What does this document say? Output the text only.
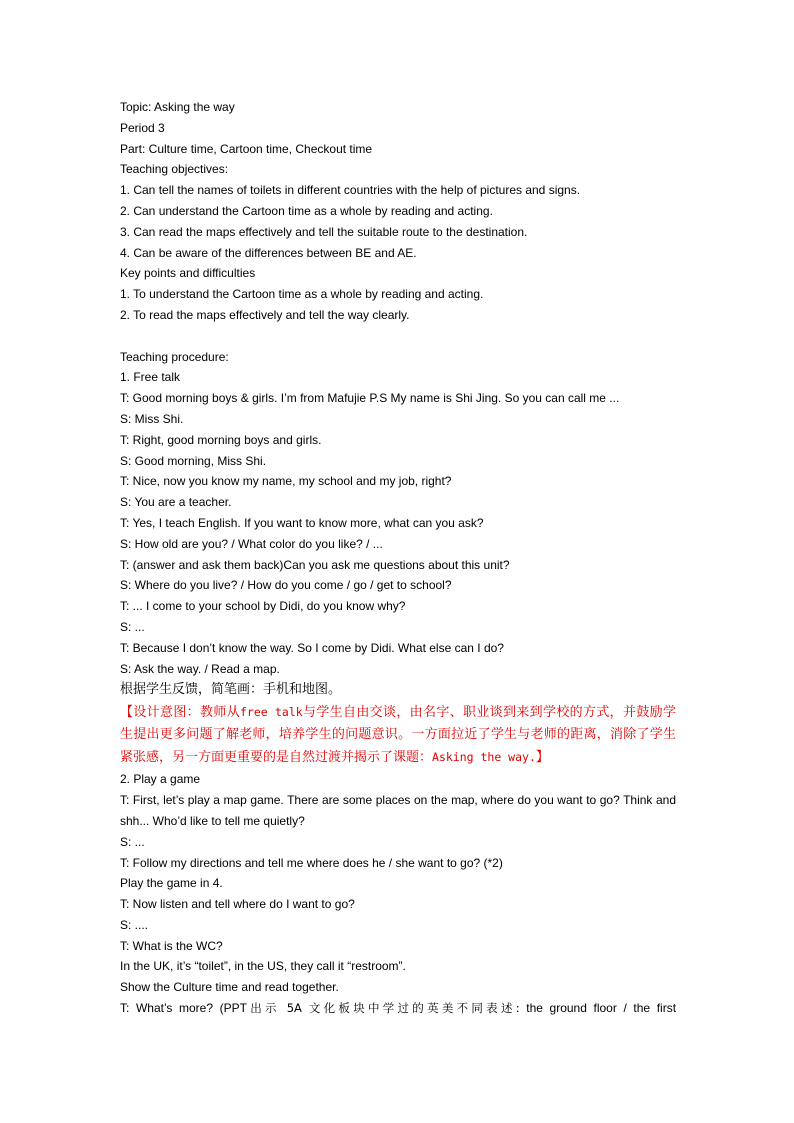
Topic: Asking the way
Period 3
Part: Culture time, Cartoon time, Checkout time
Teaching objectives:
1. Can tell the names of toilets in different countries with the help of pictures and signs.
2. Can understand the Cartoon time as a whole by reading and acting.
3. Can read the maps effectively and tell the suitable route to the destination.
4. Can be aware of the differences between BE and AE.
Key points and difficulties
1. To understand the Cartoon time as a whole by reading and acting.
2. To read the maps effectively and tell the way clearly.
Teaching procedure:
1. Free talk
T: Good morning boys & girls. I’m from Mafujie P.S My name is Shi Jing. So you can call me ...
S: Miss Shi.
T: Right, good morning boys and girls.
S: Good morning, Miss Shi.
T: Nice, now you know my name, my school and my job, right?
S: You are a teacher.
T: Yes, I teach English. If you want to know more, what can you ask?
S: How old are you? / What color do you like? / ...
T: (answer and ask them back)Can you ask me questions about this unit?
S: Where do you live? / How do you come / go / get to school?
T: ... I come to your school by Didi, do you know why?
S: ...
T: Because I don’t know the way. So I come by Didi. What else can I do?
S: Ask the way. / Read a map.
根据学生反馈，简笔画：手机和地图。
【设计意图：教师从free talk与学生自由交谈，由名字、职业谈到来到学校的方式，并鼓励学生提出更多问题了解老师，培养学生的问题意识。一方面拉近了学生与老师的距离，消除了学生紧张感，另一方面更重要的是自然过渡并揭示了课题：Asking the way.】
2. Play a game
T: First, let’s play a map game. There are some places on the map, where do you want to go? Think and shh... Who’d like to tell me quietly?
S: ...
T: Follow my directions and tell me where does he / she want to go? (*2)
Play the game in 4.
T: Now listen and tell where do I want to go?
S: ....
T: What is the WC?
In the UK, it’s “toilet”, in the US, they call it “restroom”.
Show the Culture time and read together.
T: What’s more? (PPT出示 5A 文化板块中学过的英美不同表述: the ground floor / the first
